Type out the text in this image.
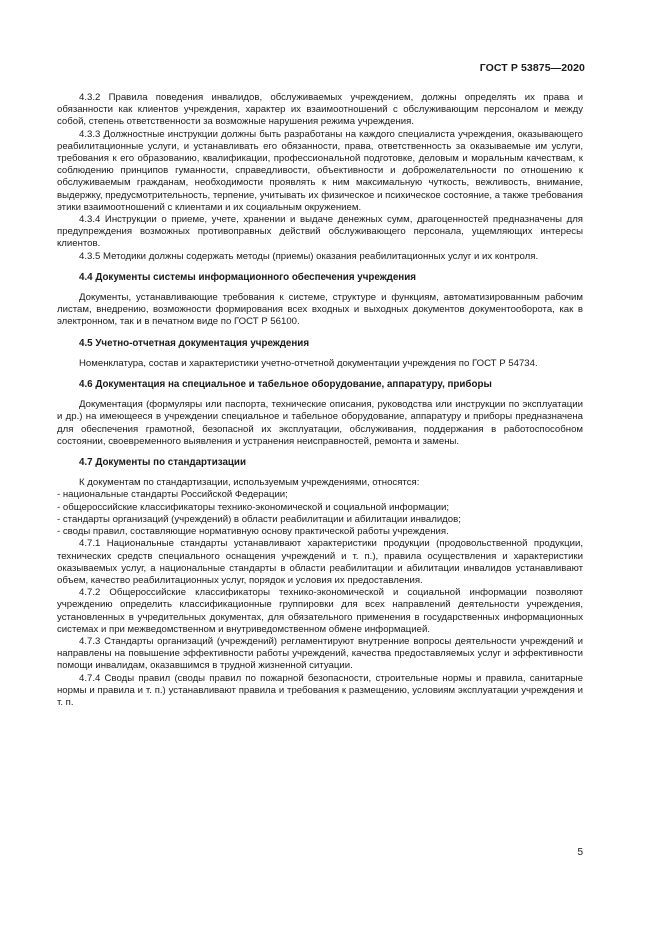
ГОСТ Р 53875—2020

4.3.2 Правила поведения инвалидов, обслуживаемых учреждением, должны определять их права и обязанности как клиентов учреждения, характер их взаимоотношений с обслуживающим персоналом и между собой, степень ответственности за возможные нарушения режима учреждения.

4.3.3 Должностные инструкции должны быть разработаны на каждого специалиста учреждения, оказывающего реабилитационные услуги, и устанавливать его обязанности, права, ответственность за оказываемые им услуги, требования к его образованию, квалификации, профессиональной подготовке, деловым и моральным качествам, к соблюдению принципов гуманности, справедливости, объективности и доброжелательности по отношению к обслуживаемым гражданам, необходимости проявлять к ним максимальную чуткость, вежливость, внимание, выдержку, предусмотрительность, терпение, учитывать их физическое и психическое состояние, а также требования этики взаимоотношений с клиентами и их социальным окружением.

4.3.4 Инструкции о приеме, учете, хранении и выдаче денежных сумм, драгоценностей предназначены для предупреждения возможных противоправных действий обслуживающего персонала, ущемляющих интересы клиентов.

4.3.5 Методики должны содержать методы (приемы) оказания реабилитационных услуг и их контроля.

4.4 Документы системы информационного обеспечения учреждения

Документы, устанавливающие требования к системе, структуре и функциям, автоматизированным рабочим листам, внедрению, возможности формирования всех входных и выходных документов документооборота, как в электронном, так и в печатном виде по ГОСТ Р 56100.

4.5 Учетно-отчетная документация учреждения

Номенклатура, состав и характеристики учетно-отчетной документации учреждения по ГОСТ Р 54734.

4.6 Документация на специальное и табельное оборудование, аппаратуру, приборы

Документация (формуляры или паспорта, технические описания, руководства или инструкции по эксплуатации и др.) на имеющееся в учреждении специальное и табельное оборудование, аппаратуру и приборы предназначена для обеспечения грамотной, безопасной их эксплуатации, обслуживания, поддержания в работоспособном состоянии, своевременного выявления и устранения неисправностей, ремонта и замены.

4.7 Документы по стандартизации

К документам по стандартизации, используемым учреждениями, относятся:

- национальные стандарты Российской Федерации;

- общероссийские классификаторы технико-экономической и социальной информации;

- стандарты организаций (учреждений) в области реабилитации и абилитации инвалидов;

- своды правил, составляющие нормативную основу практической работы учреждения.

4.7.1 Национальные стандарты устанавливают характеристики продукции (продовольственной продукции, технических средств специального оснащения учреждений и т. п.), правила осуществления и характеристики оказываемых услуг, а национальные стандарты в области реабилитации и абилитации инвалидов устанавливают объем, качество реабилитационных услуг, порядок и условия их предоставления.

4.7.2 Общероссийские классификаторы технико-экономической и социальной информации позволяют учреждению определить классификационные группировки для всех направлений деятельности учреждения, установленных в учредительных документах, для обязательного применения в государственных информационных системах и при межведомственном и внутриведомственном обмене информацией.

4.7.3 Стандарты организаций (учреждений) регламентируют внутренние вопросы деятельности учреждений и направлены на повышение эффективности работы учреждений, качества предоставляемых услуг и эффективности помощи инвалидам, оказавшимся в трудной жизненной ситуации.

4.7.4 Своды правил (своды правил по пожарной безопасности, строительные нормы и правила, санитарные нормы и правила и т. п.) устанавливают правила и требования к размещению, условиям эксплуатации учреждения и т. п.

5
